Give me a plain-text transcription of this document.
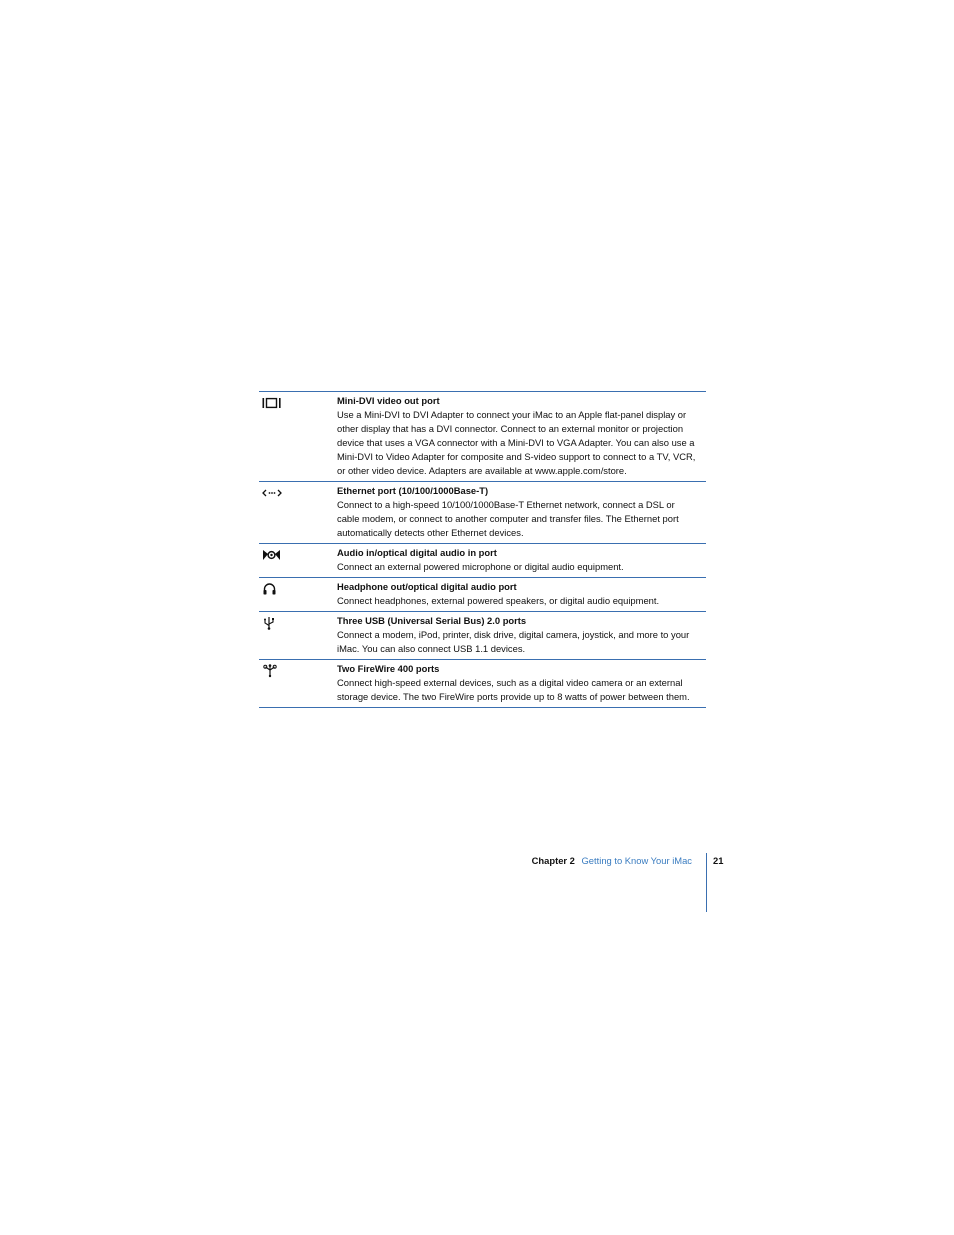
Mini-DVI video out port
Use a Mini-DVI to DVI Adapter to connect your iMac to an Apple flat-panel display or other display that has a DVI connector. Connect to an external monitor or projection device that uses a VGA connector with a Mini-DVI to VGA Adapter. You can also use a Mini-DVI to Video Adapter for composite and S-video support to connect to a TV, VCR, or other video device. Adapters are available at www.apple.com/store.
Ethernet port (10/100/1000Base-T)
Connect to a high-speed 10/100/1000Base-T Ethernet network, connect a DSL or cable modem, or connect to another computer and transfer files. The Ethernet port automatically detects other Ethernet devices.
Audio in/optical digital audio in port
Connect an external powered microphone or digital audio equipment.
Headphone out/optical digital audio port
Connect headphones, external powered speakers, or digital audio equipment.
Three USB (Universal Serial Bus) 2.0 ports
Connect a modem, iPod, printer, disk drive, digital camera, joystick, and more to your iMac. You can also connect USB 1.1 devices.
Two FireWire 400 ports
Connect high-speed external devices, such as a digital video camera or an external storage device. The two FireWire ports provide up to 8 watts of power between them.
Chapter 2 Getting to Know Your iMac 21
